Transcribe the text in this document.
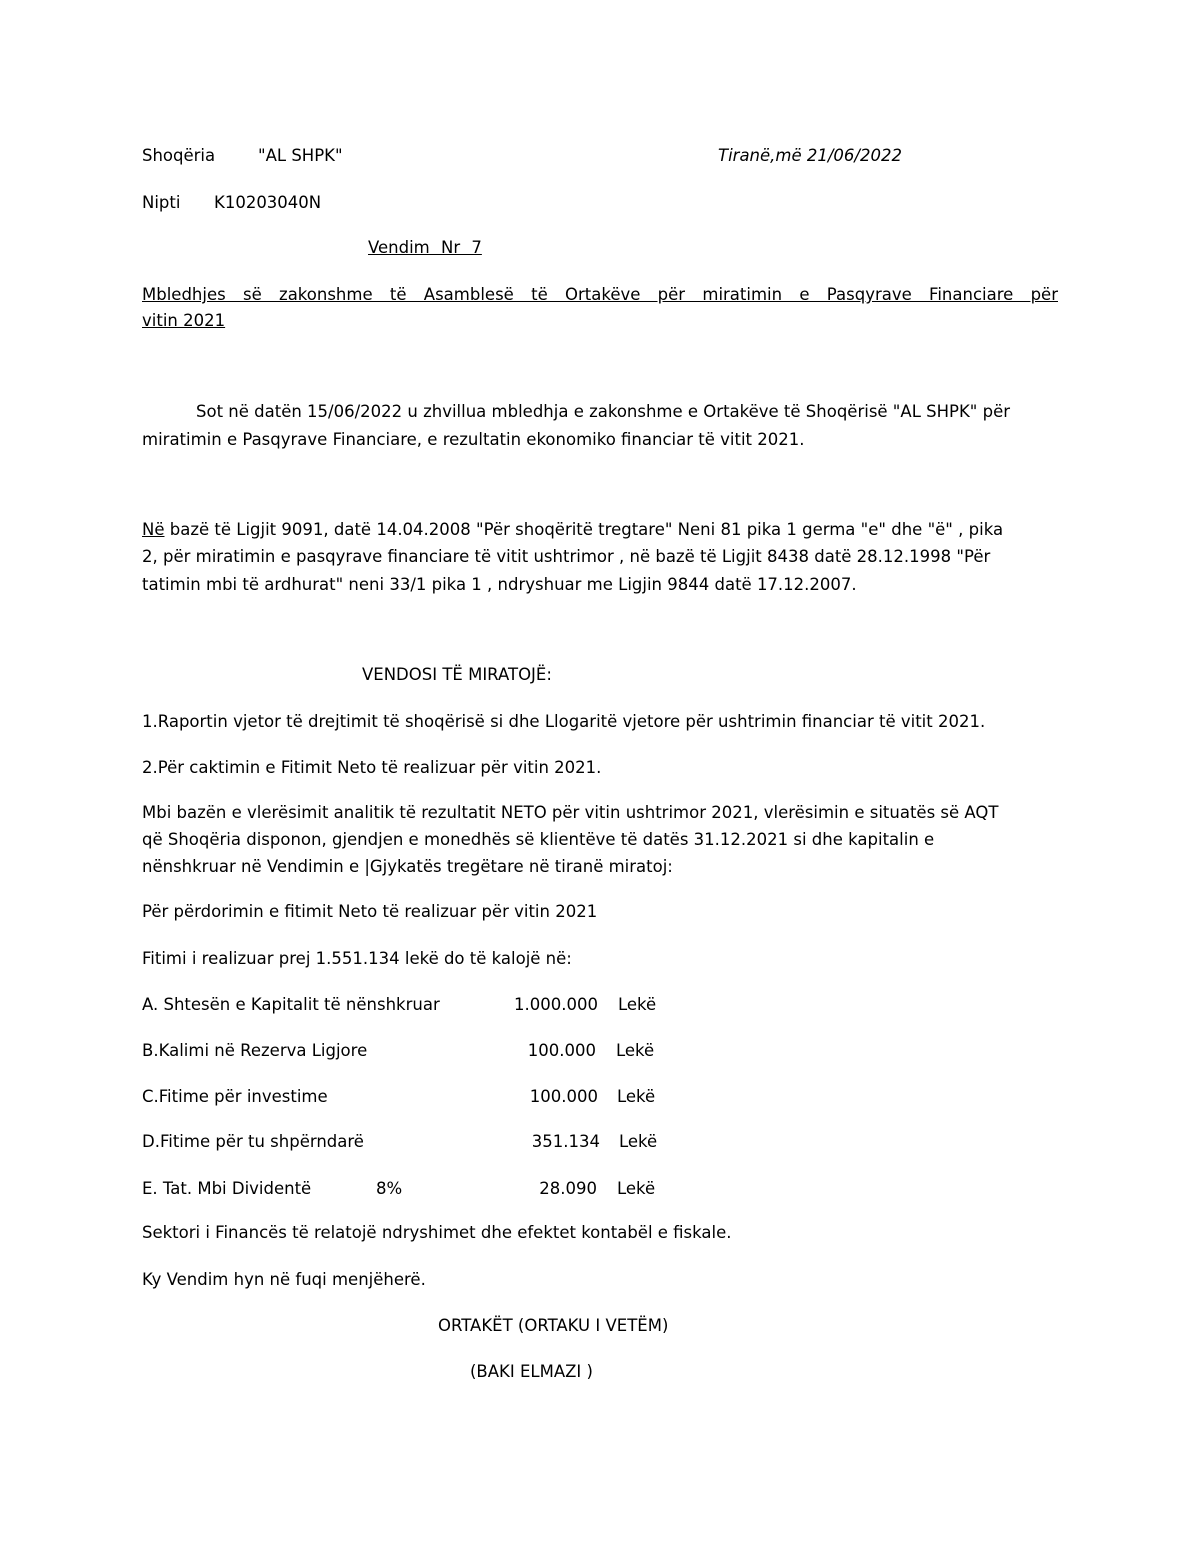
Shoqëria	"AL SHPK"	Tiranë,më 21/06/2022
Nipti K10203040N
Vendim Nr 7
Mbledhjes së zakonshme të Asamblesë të Ortakëve për miratimin e Pasqyrave Financiare për
vitin 2021
Sot në datën 15/06/2022 u zhvillua mbledhja e zakonshme e Ortakëve të Shoqërisë "AL SHPK" për
miratimin e Pasqyrave Financiare, e rezultatin ekonomiko financiar të vitit 2021.
Në bazë të Ligjit 9091, datë 14.04.2008 "Për shoqëritë tregtare" Neni 81 pika 1 germa "e" dhe "ë" , pika
2, për miratimin e pasqyrave financiare të vitit ushtrimor , në bazë të Ligjit 8438 datë 28.12.1998 "Për
tatimin mbi të ardhurat" neni 33/1 pika 1 , ndryshuar me Ligjin 9844 datë 17.12.2007.
VENDOSI TË MIRATOJË:
1.Raportin vjetor të drejtimit të shoqërisë si dhe Llogaritë vjetore për ushtrimin financiar të vitit 2021.
2.Për caktimin e Fitimit Neto të realizuar për vitin 2021.
Mbi bazën e vlerësimit analitik të rezultatit NETO për vitin ushtrimor 2021, vlerësimin e situatës së AQT
që Shoqëria disponon, gjendjen e monedhës së klientëve të datës 31.12.2021 si dhe kapitalin e
nënshkruar në Vendimin e |Gjykatës tregëtare në tiranë miratoj:
Për përdorimin e fitimit Neto të realizuar për vitin 2021
Fitimi i realizuar prej 1.551.134 lekë do të kalojë në:
A. Shtesën e Kapitalit të nënshkruar	1.000.000 Lekë
B.Kalimi në Rezerva Ligjore	100.000 Lekë
C.Fitime për investime	100.000 Lekë
D.Fitime për tu shpërndarë	351.134 Lekë
E. Tat. Mbi Dividentë	8%	28.090 Lekë
Sektori i Financës të relatojë ndryshimet dhe efektet kontabël e fiskale.
Ky Vendim hyn në fuqi menjëherë.
ORTAKËT (ORTAKU I VETËM)
(BAKI ELMAZI )
